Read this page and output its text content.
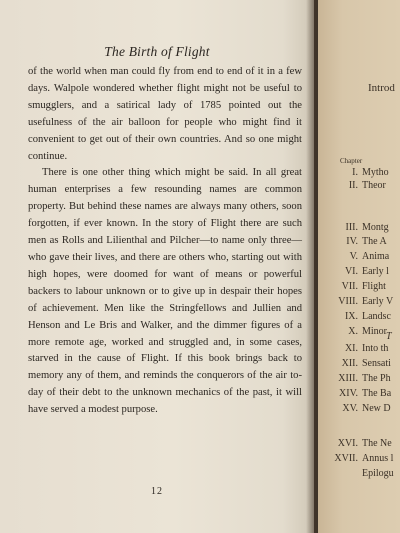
The Birth of Flight

of the world when man could fly from end to end of it in a few days. Walpole wondered whether flight might not be useful to smugglers, and a satirical lady of 1785 pointed out the usefulness of the air balloon for people who might find it convenient to get out of their own countries. And so one might continue.

There is one other thing which might be said. In all great human enterprises a few resounding names are common property. But behind these names are always many others, soon forgotten, if ever known. In the story of Flight there are such men as Rolls and Lilienthal and Pilcher—to name only three—who gave their lives, and there are others who, starting out with high hopes, were doomed for want of means or powerful backers to labour unknown or to give up in despair their hopes of achievement. Men like the Stringfellows and Jullien and Henson and Le Bris and Walker, and the dimmer figures of a more remote age, worked and struggled and, in some cases, starved in the cause of Flight. If this book brings back to memory any of them, and reminds the conquerors of the air to-day of their debt to the unknown mechanics of the past, it will have served a modest purpose.

12
Introd
Chapter
I. Mytho
II. Theor
III. Montg
IV. The A
V. Anima
VI. Early l
VII. Flight
VIII. Early V
IX. Landsc
X. Minor T
XI. Into th
XII. Sensati
XIII. The Ph
XIV. The Ba
XV. New D
XVI. The Ne
XVII. Annus l
Epilogu
